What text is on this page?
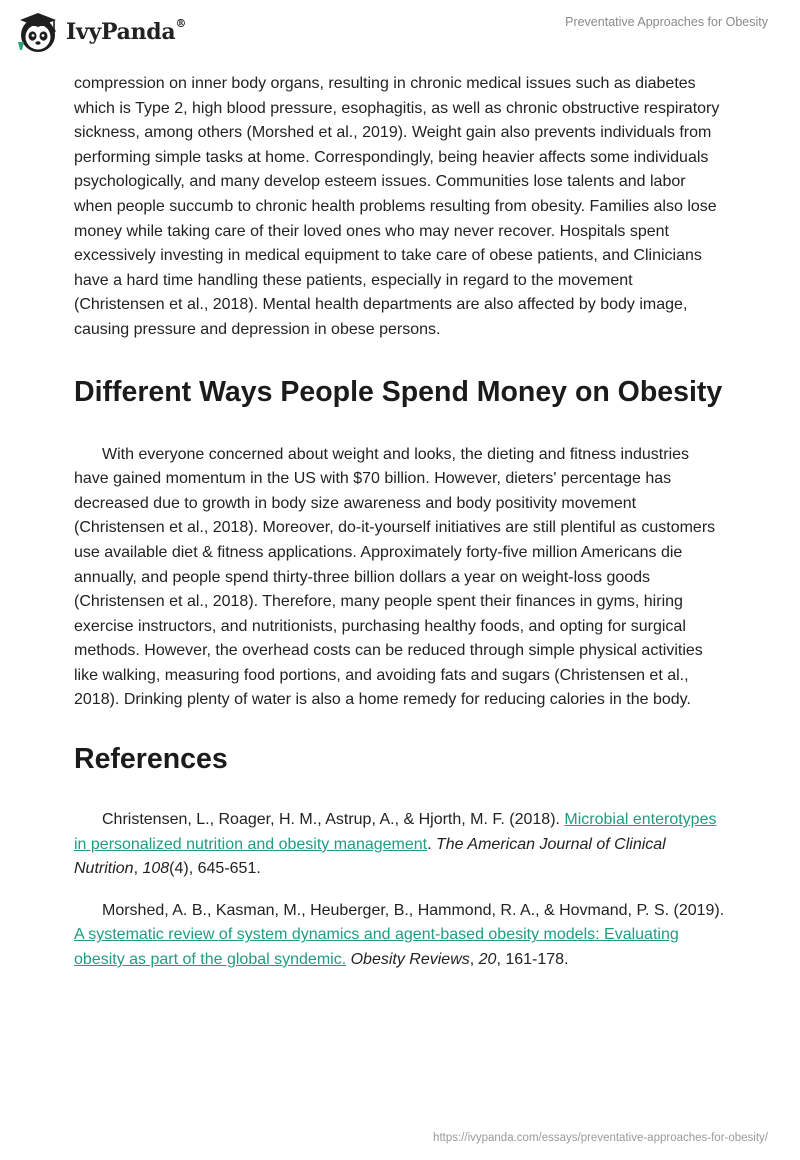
IvyPanda®	Preventative Approaches for Obesity

compression on inner body organs, resulting in chronic medical issues such as diabetes which is Type 2, high blood pressure, esophagitis, as well as chronic obstructive respiratory sickness, among others (Morshed et al., 2019). Weight gain also prevents individuals from performing simple tasks at home. Correspondingly, being heavier affects some individuals psychologically, and many develop esteem issues. Communities lose talents and labor when people succumb to chronic health problems resulting from obesity. Families also lose money while taking care of their loved ones who may never recover. Hospitals spent excessively investing in medical equipment to take care of obese patients, and Clinicians have a hard time handling these patients, especially in regard to the movement (Christensen et al., 2018). Mental health departments are also affected by body image, causing pressure and depression in obese persons.

Different Ways People Spend Money on Obesity

With everyone concerned about weight and looks, the dieting and fitness industries have gained momentum in the US with $70 billion. However, dieters' percentage has decreased due to growth in body size awareness and body positivity movement (Christensen et al., 2018). Moreover, do-it-yourself initiatives are still plentiful as customers use available diet & fitness applications. Approximately forty-five million Americans die annually, and people spend thirty-three billion dollars a year on weight-loss goods (Christensen et al., 2018). Therefore, many people spent their finances in gyms, hiring exercise instructors, and nutritionists, purchasing healthy foods, and opting for surgical methods. However, the overhead costs can be reduced through simple physical activities like walking, measuring food portions, and avoiding fats and sugars (Christensen et al., 2018). Drinking plenty of water is also a home remedy for reducing calories in the body.

References

Christensen, L., Roager, H. M., Astrup, A., & Hjorth, M. F. (2018). Microbial enterotypes in personalized nutrition and obesity management. The American Journal of Clinical Nutrition, 108(4), 645-651.

Morshed, A. B., Kasman, M., Heuberger, B., Hammond, R. A., & Hovmand, P. S. (2019). A systematic review of system dynamics and agent-based obesity models: Evaluating obesity as part of the global syndemic. Obesity Reviews, 20, 161-178.

https://ivypanda.com/essays/preventative-approaches-for-obesity/
